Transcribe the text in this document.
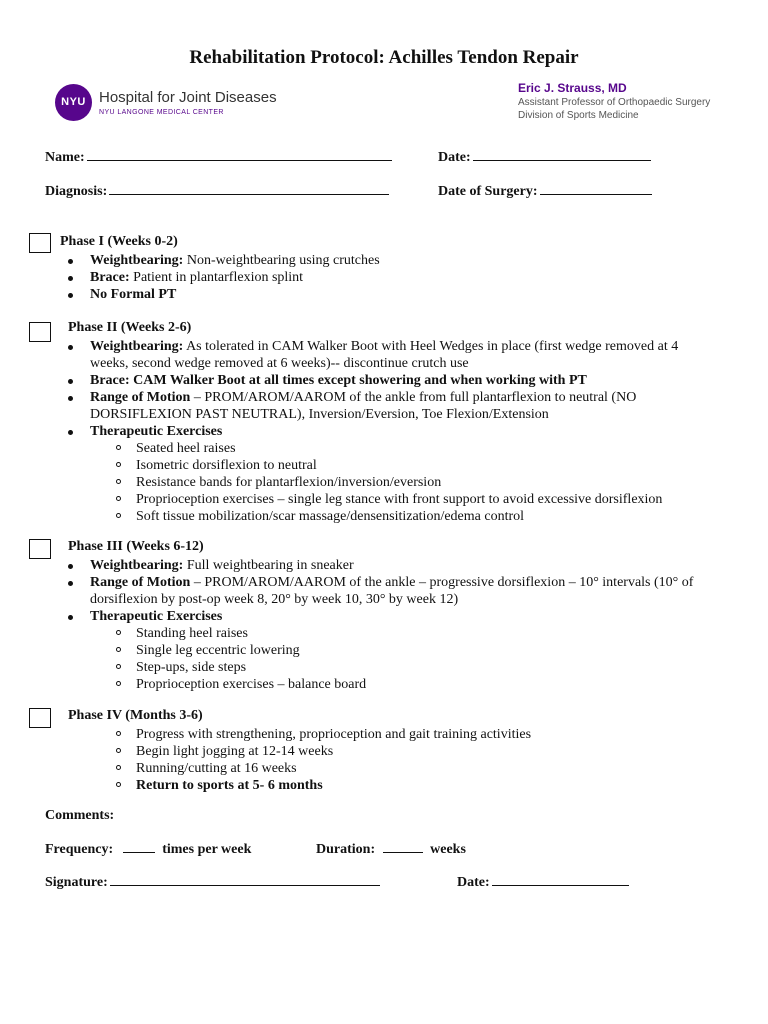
Rehabilitation Protocol: Achilles Tendon Repair
NYU Hospital for Joint Diseases
NYU LANGONE MEDICAL CENTER
Eric J. Strauss, MD
Assistant Professor of Orthopaedic Surgery
Division of Sports Medicine
Name:	Date:
Diagnosis:	Date of Surgery:
Phase I (Weeks 0-2)
Weightbearing: Non-weightbearing using crutches
Brace: Patient in plantarflexion splint
No Formal PT
Phase II (Weeks 2-6)
Weightbearing: As tolerated in CAM Walker Boot with Heel Wedges in place (first wedge removed at 4 weeks, second wedge removed at 6 weeks)-- discontinue crutch use
Brace: CAM Walker Boot at all times except showering and when working with PT
Range of Motion – PROM/AROM/AAROM of the ankle from full plantarflexion to neutral (NO DORSIFLEXION PAST NEUTRAL), Inversion/Eversion, Toe Flexion/Extension
Therapeutic Exercises
Seated heel raises
Isometric dorsiflexion to neutral
Resistance bands for plantarflexion/inversion/eversion
Proprioception exercises – single leg stance with front support to avoid excessive dorsiflexion
Soft tissue mobilization/scar massage/densensitization/edema control
Phase III (Weeks 6-12)
Weightbearing: Full weightbearing in sneaker
Range of Motion – PROM/AROM/AAROM of the ankle – progressive dorsiflexion – 10° intervals (10° of dorsiflexion by post-op week 8, 20° by week 10, 30° by week 12)
Therapeutic Exercises
Standing heel raises
Single leg eccentric lowering
Step-ups, side steps
Proprioception exercises – balance board
Phase IV (Months 3-6)
Progress with strengthening, proprioception and gait training activities
Begin light jogging at 12-14 weeks
Running/cutting at 16 weeks
Return to sports at 5- 6 months
Comments:
Frequency:	times per week	Duration:	weeks
Signature:	Date:
